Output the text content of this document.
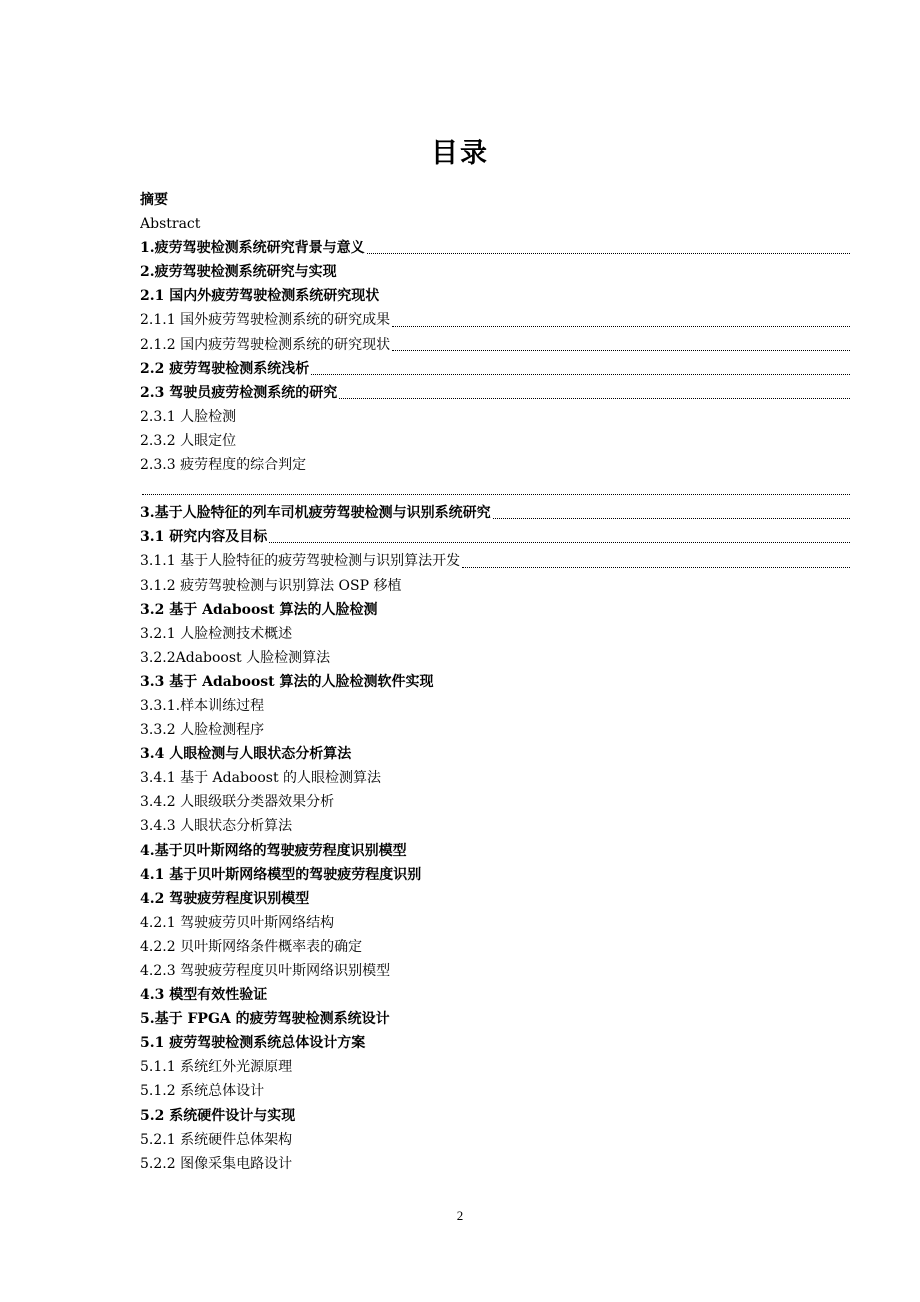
目录
摘要
Abstract
1.疲劳驾驶检测系统研究背景与意义
2.疲劳驾驶检测系统研究与实现
2.1 国内外疲劳驾驶检测系统研究现状
2.1.1 国外疲劳驾驶检测系统的研究成果
2.1.2 国内疲劳驾驶检测系统的研究现状
2.2 疲劳驾驶检测系统浅析
2.3 驾驶员疲劳检测系统的研究
2.3.1 人脸检测
2.3.2 人眼定位
2.3.3 疲劳程度的综合判定
3.基于人脸特征的列车司机疲劳驾驶检测与识别系统研究
3.1 研究内容及目标
3.1.1 基于人脸特征的疲劳驾驶检测与识别算法开发
3.1.2 疲劳驾驶检测与识别算法 OSP 移植
3.2 基于 Adaboost 算法的人脸检测
3.2.1 人脸检测技术概述
3.2.2Adaboost 人脸检测算法
3.3 基于 Adaboost 算法的人脸检测软件实现
3.3.1.样本训练过程
3.3.2 人脸检测程序
3.4 人眼检测与人眼状态分析算法
3.4.1 基于 Adaboost 的人眼检测算法
3.4.2 人眼级联分类器效果分析
3.4.3 人眼状态分析算法
4.基于贝叶斯网络的驾驶疲劳程度识别模型
4.1 基于贝叶斯网络模型的驾驶疲劳程度识别
4.2 驾驶疲劳程度识别模型
4.2.1 驾驶疲劳贝叶斯网络结构
4.2.2 贝叶斯网络条件概率表的确定
4.2.3 驾驶疲劳程度贝叶斯网络识别模型
4.3 模型有效性验证
5.基于 FPGA 的疲劳驾驶检测系统设计
5.1 疲劳驾驶检测系统总体设计方案
5.1.1 系统红外光源原理
5.1.2 系统总体设计
5.2 系统硬件设计与实现
5.2.1 系统硬件总体架构
5.2.2 图像采集电路设计
2
